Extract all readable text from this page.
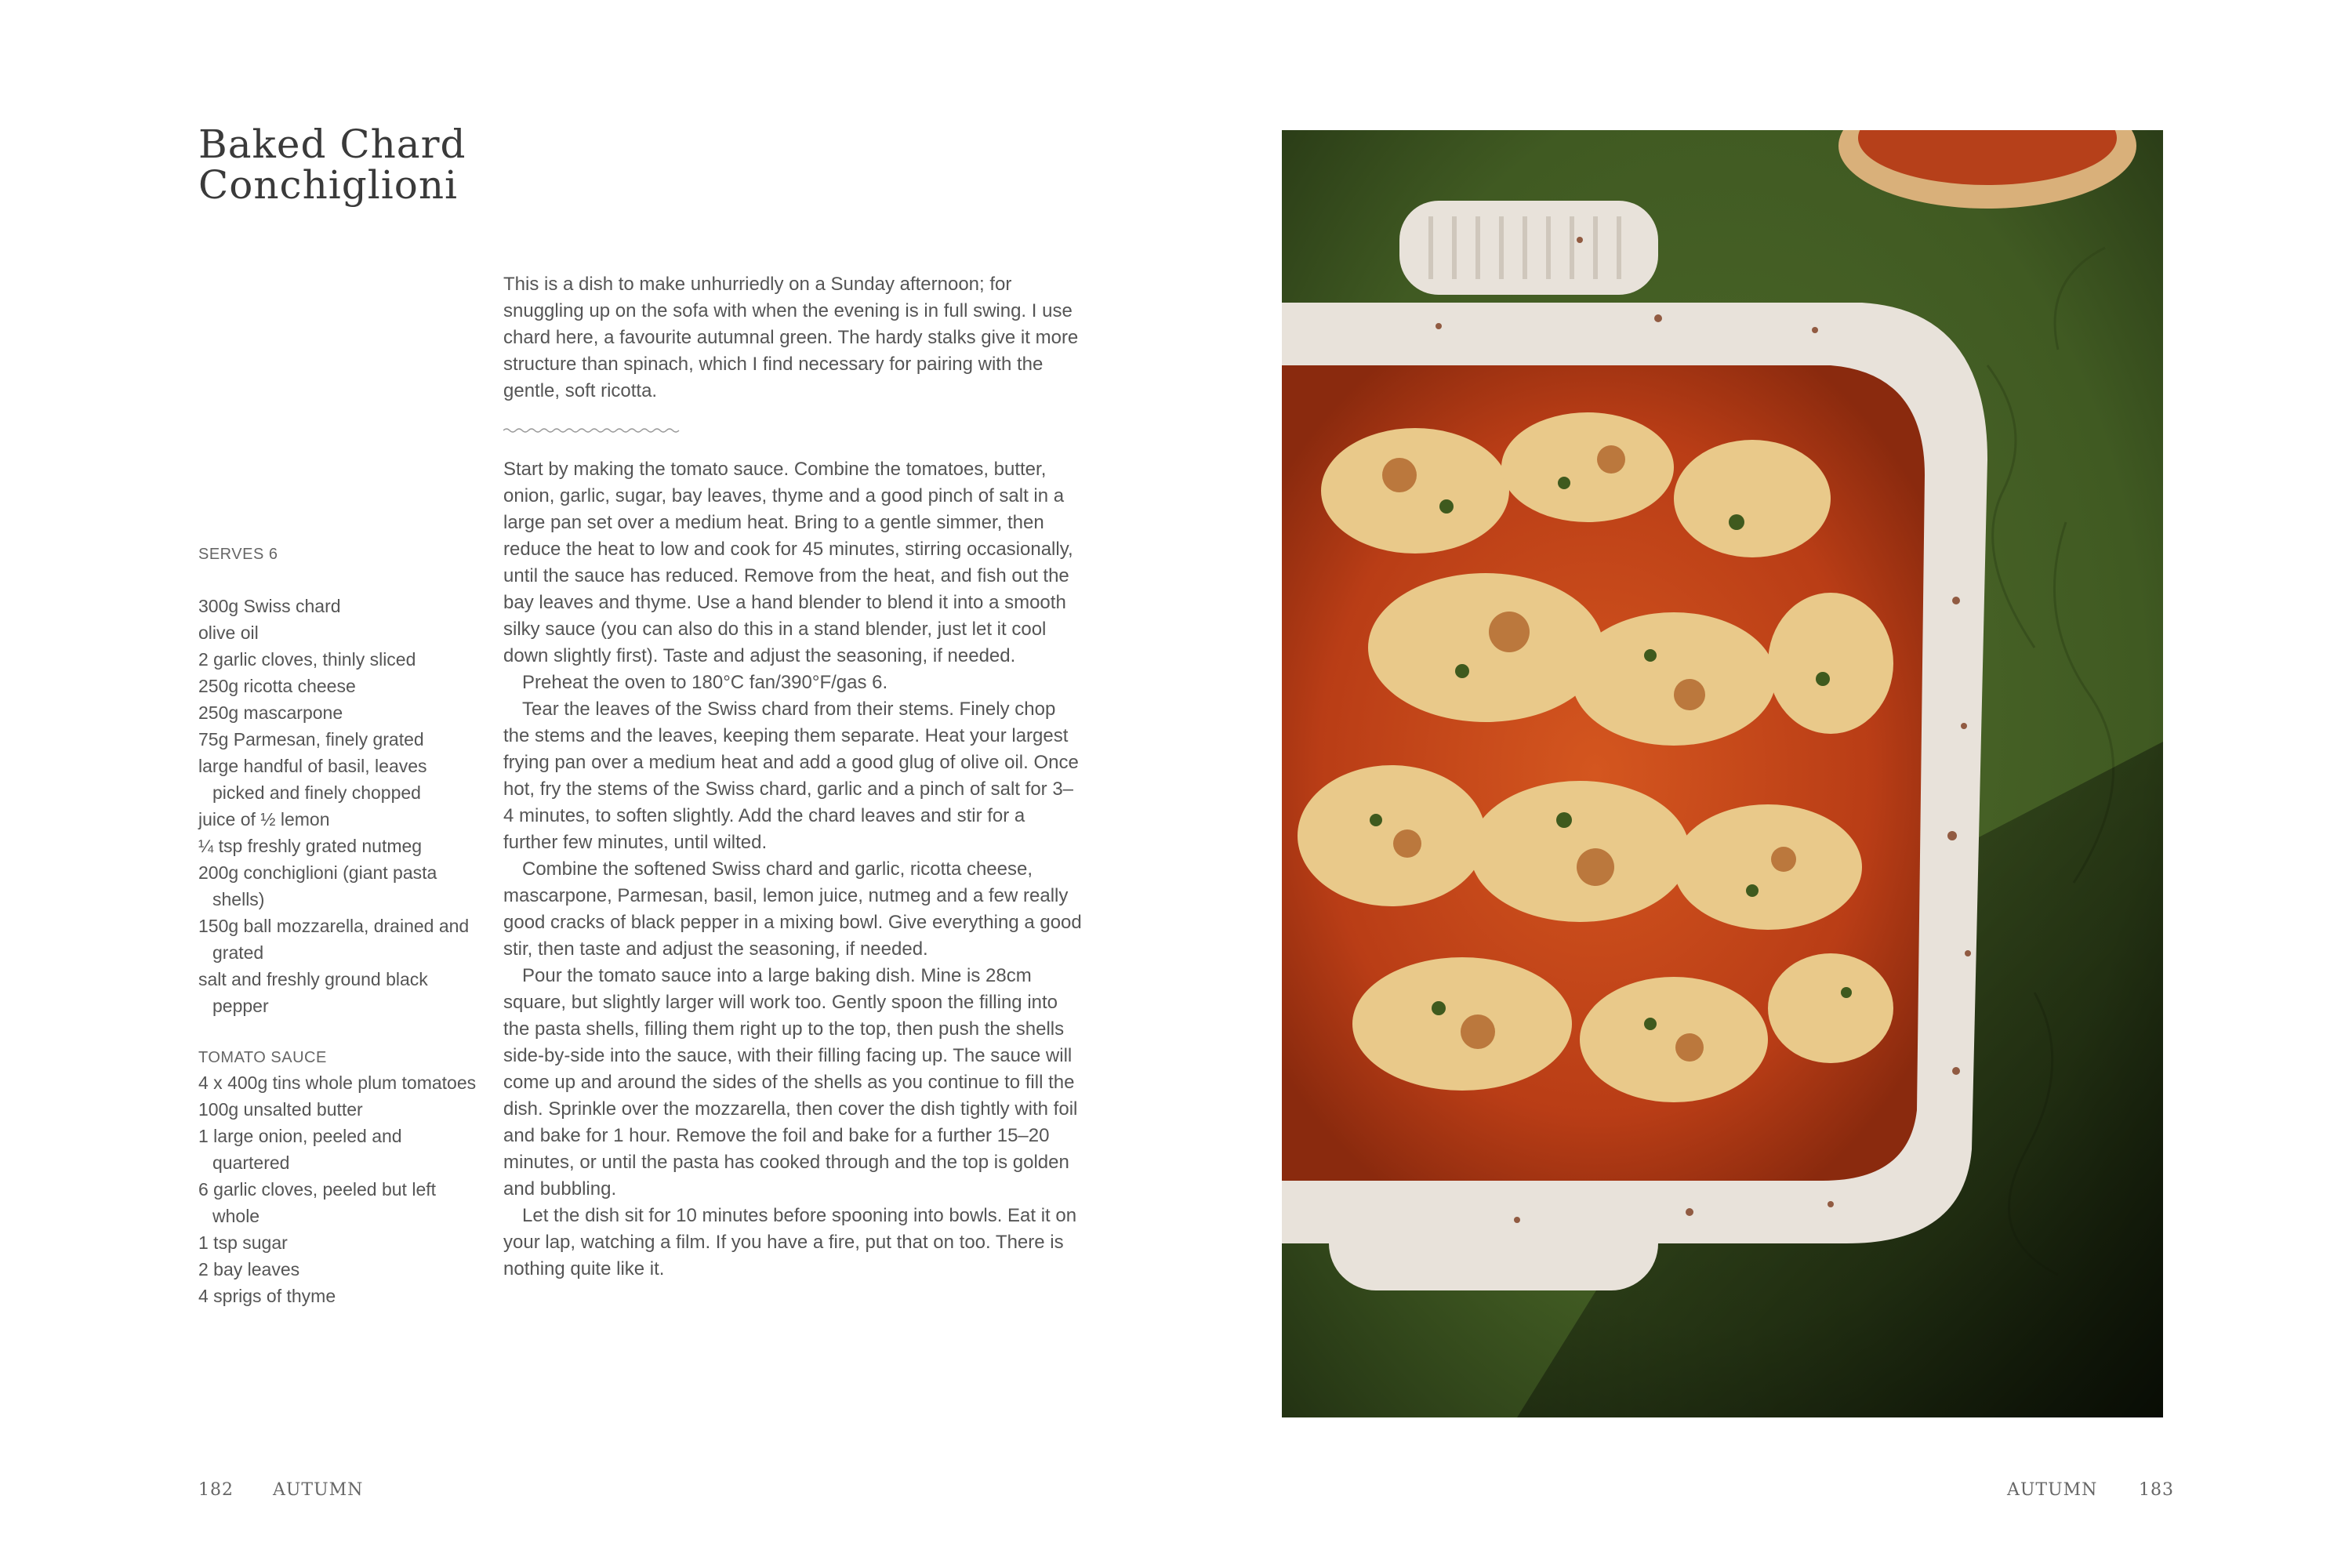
Baked Chard
Conchiglioni

This is a dish to make unhurriedly on a Sunday afternoon; for snuggling up on the sofa with when the evening is in full swing. I use chard here, a favourite autumnal green. The hardy stalks give it more structure than spinach, which I find necessary for pairing with the gentle, soft ricotta.

Start by making the tomato sauce. Combine the tomatoes, butter, onion, garlic, sugar, bay leaves, thyme and a good pinch of salt in a large pan set over a medium heat. Bring to a gentle simmer, then reduce the heat to low and cook for 45 minutes, stirring occasionally, until the sauce has reduced. Remove from the heat, and fish out the bay leaves and thyme. Use a hand blender to blend it into a smooth silky sauce (you can also do this in a stand blender, just let it cool down slightly first). Taste and adjust the seasoning, if needed.

Preheat the oven to 180°C fan/390°F/gas 6.

Tear the leaves of the Swiss chard from their stems. Finely chop the stems and the leaves, keeping them separate. Heat your largest frying pan over a medium heat and add a good glug of olive oil. Once hot, fry the stems of the Swiss chard, garlic and a pinch of salt for 3–4 minutes, to soften slightly. Add the chard leaves and stir for a further few minutes, until wilted.

Combine the softened Swiss chard and garlic, ricotta cheese, mascarpone, Parmesan, basil, lemon juice, nutmeg and a few really good cracks of black pepper in a mixing bowl. Give everything a good stir, then taste and adjust the seasoning, if needed.

Pour the tomato sauce into a large baking dish. Mine is 28cm square, but slightly larger will work too. Gently spoon the filling into the pasta shells, filling them right up to the top, then push the shells side-by-side into the sauce, with their filling facing up. The sauce will come up and around the sides of the shells as you continue to fill the dish. Sprinkle over the mozzarella, then cover the dish tightly with foil and bake for 1 hour. Remove the foil and bake for a further 15–20 minutes, or until the pasta has cooked through and the top is golden and bubbling.

Let the dish sit for 10 minutes before spooning into bowls. Eat it on your lap, watching a film. If you have a fire, put that on too. There is nothing quite like it.

SERVES 6
300g Swiss chard
olive oil
2 garlic cloves, thinly sliced
250g ricotta cheese
250g mascarpone
75g Parmesan, finely grated
large handful of basil, leaves picked and finely chopped
juice of ½ lemon
¼ tsp freshly grated nutmeg
200g conchiglioni (giant pasta shells)
150g ball mozzarella, drained and grated
salt and freshly ground black pepper
TOMATO SAUCE
4 x 400g tins whole plum tomatoes
100g unsalted butter
1 large onion, peeled and quartered
6 garlic cloves, peeled but left whole
1 tsp sugar
2 bay leaves
4 sprigs of thyme
182 AUTUMN	AUTUMN 183
